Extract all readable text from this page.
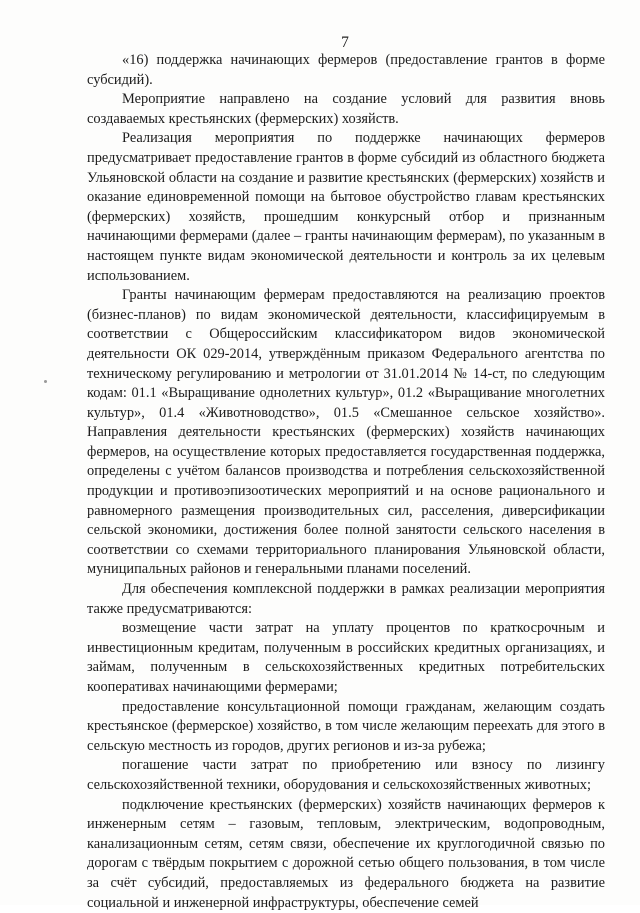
7

«16) поддержка начинающих фермеров (предоставление грантов в форме субсидий).

Мероприятие направлено на создание условий для развития вновь создаваемых крестьянских (фермерских) хозяйств.

Реализация мероприятия по поддержке начинающих фермеров предусматривает предоставление грантов в форме субсидий из областного бюджета Ульяновской области на создание и развитие крестьянских (фермерских) хозяйств и оказание единовременной помощи на бытовое обустройство главам крестьянских (фермерских) хозяйств, прошедшим конкурсный отбор и признанным начинающими фермерами (далее – гранты начинающим фермерам), по указанным в настоящем пункте видам экономической деятельности и контроль за их целевым использованием.

Гранты начинающим фермерам предоставляются на реализацию проектов (бизнес-планов) по видам экономической деятельности, классифицируемым в соответствии с Общероссийским классификатором видов экономической деятельности ОК 029-2014, утверждённым приказом Федерального агентства по техническому регулированию и метрологии от 31.01.2014 № 14-ст, по следующим кодам: 01.1 «Выращивание однолетних культур», 01.2 «Выращивание многолетних культур», 01.4 «Животноводство», 01.5 «Смешанное сельское хозяйство». Направления деятельности крестьянских (фермерских) хозяйств начинающих фермеров, на осуществление которых предоставляется государственная поддержка, определены с учётом балансов производства и потребления сельскохозяйственной продукции и противоэпизоотических мероприятий и на основе рационального и равномерного размещения производительных сил, расселения, диверсификации сельской экономики, достижения более полной занятости сельского населения в соответствии со схемами территориального планирования Ульяновской области, муниципальных районов и генеральными планами поселений.

Для обеспечения комплексной поддержки в рамках реализации мероприятия также предусматриваются:

возмещение части затрат на уплату процентов по краткосрочным и инвестиционным кредитам, полученным в российских кредитных организациях, и займам, полученным в сельскохозяйственных кредитных потребительских кооперативах начинающими фермерами;

предоставление консультационной помощи гражданам, желающим создать крестьянское (фермерское) хозяйство, в том числе желающим переехать для этого в сельскую местность из городов, других регионов и из-за рубежа;

погашение части затрат по приобретению или взносу по лизингу сельскохозяйственной техники, оборудования и сельскохозяйственных животных;

подключение крестьянских (фермерских) хозяйств начинающих фермеров к инженерным сетям – газовым, тепловым, электрическим, водопроводным, канализационным сетям, сетям связи, обеспечение их круглогодичной связью по дорогам с твёрдым покрытием с дорожной сетью общего пользования, в том числе за счёт субсидий, предоставляемых из федерального бюджета на развитие социальной и инженерной инфраструктуры, обеспечение семей
